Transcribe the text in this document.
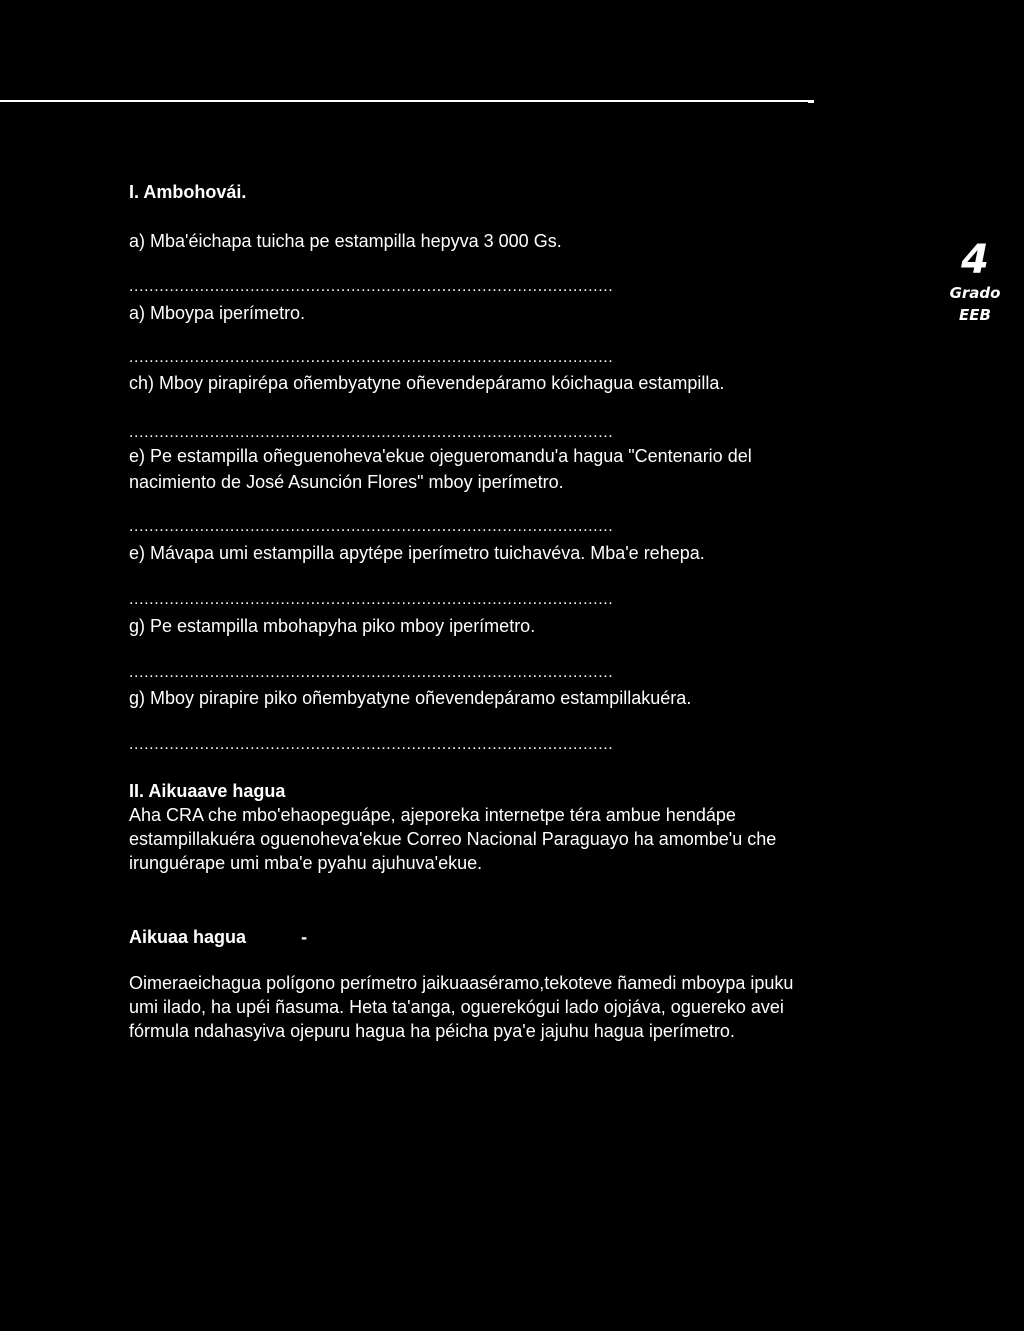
4
Grado
EEB
I. Ambohovái.
a) Mba'éichapa tuicha pe estampilla hepyva 3 000 Gs.
................................................................................................
a) Mboypa iperímetro.
................................................................................................
ch) Mboy pirapirépa oñembyatyne oñevendepáramo kóichagua estampilla.
................................................................................................
e) Pe estampilla oñeguenoheva'ekue ojegueromandu'a hagua "Centenario del
nacimiento de José Asunción Flores" mboy iperímetro.
................................................................................................
e) Mávapa umi estampilla apytépe iperímetro tuichavéva. Mba'e rehepa.
................................................................................................
g) Pe estampilla mbohapyha piko mboy iperímetro.
................................................................................................
g) Mboy pirapire piko oñembyatyne oñevendepáramo estampillakuéra.
................................................................................................
II. Aikuaave hagua
Aha CRA che mbo'ehaopeguápe, ajeporeka internetpe téra ambue hendápe
estampillakuéra oguenoheva'ekue Correo Nacional Paraguayo ha amombe'u che
irunguérape umi mba'e pyahu ajuhuva'ekue.
Aikuaa hagua	-
Oimeraeichagua polígono perímetro jaikuaaséramo,tekoteve ñamedi mboypa ipuku
umi ilado, ha upéi ñasuma. Heta ta'anga, oguerekógui lado ojojáva, oguereko avei
fórmula ndahasyiva ojepuru hagua ha péicha pya'e jajuhu hagua iperímetro.
